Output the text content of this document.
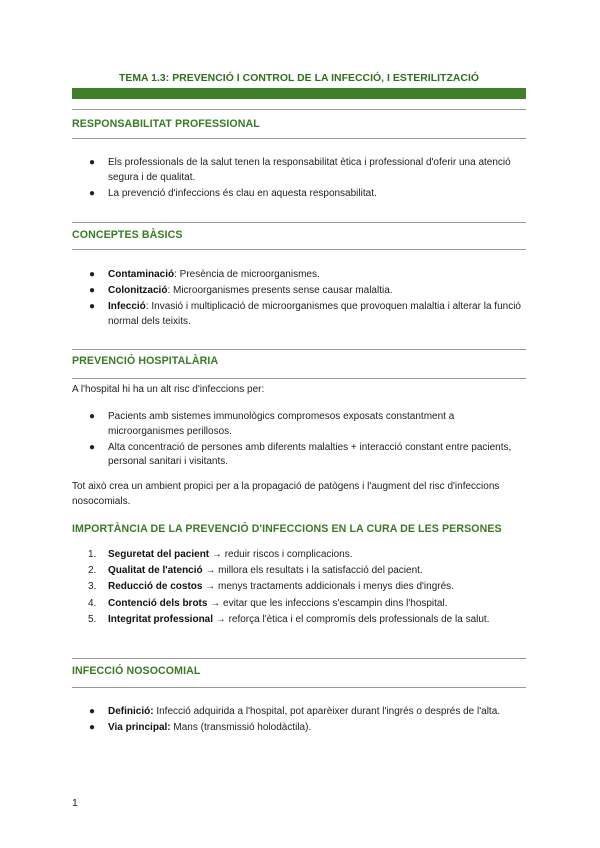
TEMA 1.3: PREVENCIÓ I CONTROL DE LA INFECCIÓ, I ESTERILITZACIÓ
RESPONSABILITAT PROFESSIONAL
● Els professionals de la salut tenen la responsabilitat ètica i professional d'oferir una atenció segura i de qualitat.
● La prevenció d'infeccions és clau en aquesta responsabilitat.
CONCEPTES BÀSICS
● Contaminació: Presència de microorganismes.
● Colonització: Microorganismes presents sense causar malaltia.
● Infecció: Invasió i multiplicació de microorganismes que provoquen malaltia i alterar la funció normal dels teixits.
PREVENCIÓ HOSPITALÀRIA
A l'hospital hi ha un alt risc d'infeccions per:
● Pacients amb sistemes immunològics compromesos exposats constantment a microorganismes perillosos.
● Alta concentració de persones amb diferents malalties + interacció constant entre pacients, personal sanitari i visitants.
Tot això crea un ambient propici per a la propagació de patògens i l'augment del risc d'infeccions nosocomials.
IMPORTÀNCIA DE LA PREVENCIÓ D'INFECCIONS EN LA CURA DE LES PERSONES
1. Seguretat del pacient → reduir riscos i complicacions.
2. Qualitat de l'atenció → millora els resultats i la satisfacció del pacient.
3. Reducció de costos → menys tractaments addicionals i menys dies d'ingrés.
4. Contenció dels brots → evitar que les infeccions s'escampin dins l'hospital.
5. Integritat professional → reforça l'ètica i el compromís dels professionals de la salut.
INFECCIÓ NOSOCOMIAL
● Definició: Infecció adquirida a l'hospital, pot aparèixer durant l'ingrés o després de l'alta.
● Via principal: Mans (transmissió holodàctila).
1
